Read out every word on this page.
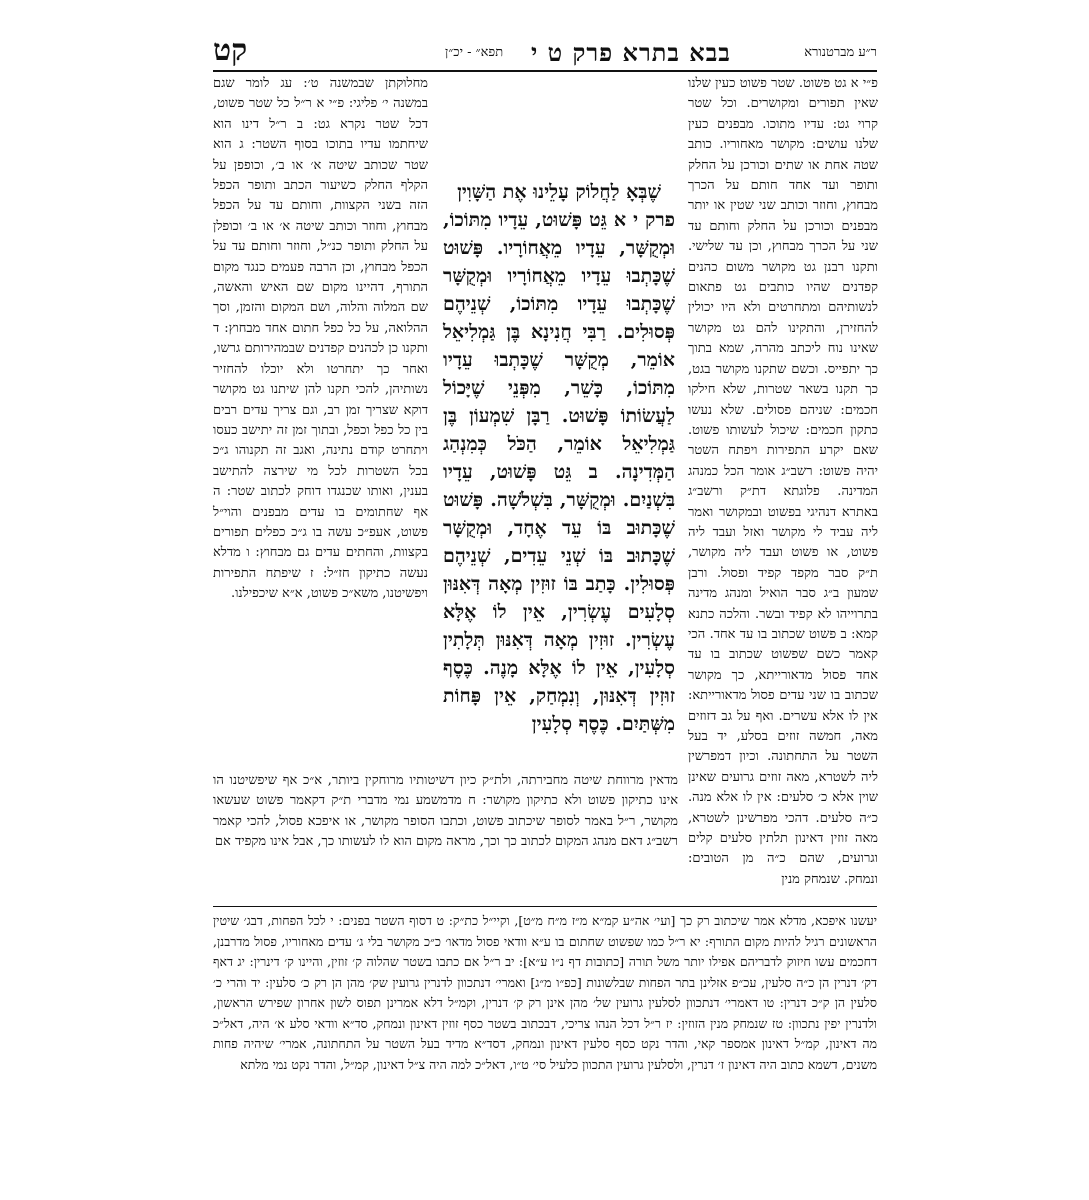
קט	תפא״ - יכ״ן בבא בתרא פרק ט י	ר״ע מברטנורא

פ״י א גט פשוט. שטר פשוט כעין שלנו שאין תפורים ומקושרים. וכל שטר קרוי גט: עדיו מתוכו. מבפנים כעין שלנו עושים: מקושר מאחוריו. כותב שטה אחת או שתים וכורכן על החלק ותופר ועד אחד חותם על הכרך מבחוץ, וחוזר וכותב שני שטין או יותר מבפנים וכורכן על החלק וחותם עד שני על הכרך מבחוץ, וכן עד שלישי. ותקנו רבנן גט מקושר משום כהנים קפדנים שהיו כותבים גט פתאום לנשותיהם ומתחרטים ולא היו יכולין להחזירן, והתקינו להם גט מקושר שאינו נוח ליכתב מהרה, שמא בתוך כך יתפייס. וכשם שתקנו מקושר בגט, כך תקנו בשאר שטרות, שלא חילקו חכמים: שניהם פסולים. שלא נעשו כתקון חכמים: שיכול לעשותו פשוט. שאם יקרע התפירות ויפתח השטר יהיה פשוט: רשב״ג אומר הכל כמנהג המדינה. פלוגתא דת״ק ורשב״ג באתרא דנהיגי בפשוט ובמקושר ואמר ליה עביד לי מקושר ואזל ועבד ליה פשוט, או פשוט ועבד ליה מקושר, ת״ק סבר מקפד קפיד ופסול. ורבן שמעון ב״ג סבר הואיל ומנהג מדינה בתרוייהו לא קפיד ובשר. והלכה כתנא קמא: ב פשוט שכתוב בו עד אחד. הכי קאמר כשם שפשוט שכתוב בו עד אחד פסול מדאורייתא, כך מקושר שכתוב בו שני עדים פסול מדאורייתא: אין לו אלא עשרים. ואף על גב דזוזים מאה, חמשה זוזים בסלע, יד בעל השטר על התחתונה. וכיון דמפרשין ליה לשטרא, מאה זוזים גרועים שאינן שוין אלא כ׳ סלעים: אין לו אלא מנה. כ״ה סלעים. דהכי מפרשינן לשטרא, מאה זוזין דאינון תלתין סלעים קלים וגרועים, שהם כ״ה מן הטובים: ונמחק. שנמחק מנין

מחלוקתן שבמשנה ט׳: עג לומר שגם במשנה י׳ פליגי: פ״י א ר״ל כל שטר פשוט, דכל שטר נקרא גט: ב ר״ל דינו הוא שיחתמו עדיו בתוכו בסוף השטר: ג הוא שטר שכותב שיטה א׳ או ב׳, וכופפן על הקלף החלק כשיעור הכתב ותופר הכפל הזה בשני הקצוות, וחותם עד על הכפל מבחוץ, וחוזר וכותב שיטה א׳ או ב׳ וכופלן על החלק ותופר כנ״ל, וחוזר וחותם עד על הכפל מבחוץ, וכן הרבה פעמים כנגד מקום התורף, דהיינו מקום שם האיש והאשה, שם המלוה והלוה, ושם המקום והזמן, וסך ההלואה, על כל כפל חתום אחד מבחוץ: ד ותקנו כן לכהנים קפדנים שבמהירותם גרשו, ואחר כך יתחרטו ולא יוכלו להחזיר נשותיהן, להכי תקנו להן שיתנו גט מקושר דוקא שצריך זמן רב, וגם צריך עדים רבים בין כל כפל וכפל, ובתוך זמן זה יתישב כעסו ויתחרט קודם נתינה, ואגב זה תקנוהו ג״כ בכל השטרות לכל מי שירצה להתישב בענין, ואותו שכנגדו דוחק לכתוב שטר: ה אף שחתומים בו עדים מבפנים והוי״ל פשוט, אעפ״כ עשה בו ג״כ כפלים תפורים בקצוות, והחתים עדים גם מבחוץ: ו מדלא נעשה כתיקון חז״ל: ז שיפתח התפירות ויפשיטנו, משא״כ פשוט, א״א שיכפילנו.

שֶׁבְּאָ לַחֲלוֹק עָלֵינוּ אֶת הַשָּׁוִין

פרק י א גֵּט פָּשׁוּט, עֵדָיו מִתּוֹכוֹ, וּמְקֻשָּׁר, עֵדָיו מֵאֲחוֹרָיו. פָּשׁוּט שֶׁכָּתְבוּ עֵדָיו מֵאֲחוֹרָיו וּמְקֻשָּׁר שֶׁכָּתְבוּ עֵדָיו מִתּוֹכוֹ, שְׁנֵיהֶם פְּסוּלִים. רַבִּי חֲנִינָא בֶּן גַּמְלִיאֵל אוֹמֵר, מְקֻשָּׁר שֶׁכָּתְבוּ עֵדָיו מִתּוֹכוֹ, כָּשֵׁר, מִפְּנֵי שֶׁיָּכוֹל לַעֲשׂוֹתוֹ פָּשׁוּט. רַבָּן שִׁמְעוֹן בֶּן גַּמְלִיאֵל אוֹמֵר, הַכֹּל כְּמִנְהַג הַמְּדִינָה. ב גֵּט פָּשׁוּט, עֵדָיו בִּשְׁנַיִם. וּמְקֻשָּׁר, בִּשְׁלֹשָׁה. פָּשׁוּט שֶׁכָּתוּב בּוֹ עֵד אֶחָד, וּמְקֻשָּׁר שֶׁכָּתוּב בּוֹ שְׁנֵי עֵדִים, שְׁנֵיהֶם פְּסוּלִין. כָּתַב בּוֹ זוּזִין מְאָה דְּאִנּוּן סְלָעִים עֶשְׂרִין, אֵין לוֹ אֶלָּא עֶשְׂרִין. זוּזִין מְאָה דְּאִנּוּן תְּלָתִין סְלָעִין, אֵין לוֹ אֶלָּא מָנֶה. כֶּסֶף זוּזִין דְּאִנּוּן, וְנִמְחַק, אֵין פָּחוֹת מִשְּׁתַּיִם. כֶּסֶף סְלָעִין

מדאין מרווחת שיטה מחבירתה, ולת״ק כיון דשיטותיו מרוחקין ביותר, א״כ אף שיפשיטנו הו אינו כתיקון פשוט ולא כתיקון מקושר: ח מדמשמע נמי מדברי ת״ק דקאמר פשוט שעשאו מקושר, ר״ל באמר לסופר שיכתוב פשוט, וכתבו הסופר מקושר, או איפכא פסול, להכי קאמר רשב״ג דאם מנהג המקום לכתוב כך וכך, מראה מקום הוא לו לעשותו כך, אבל אינו מקפיד אם

יעשנו איפכא, מדלא אמר שיכתוב רק כך [ועי׳ אה״ע קמ״א מ״ז מ״ח מ״ט], וקיי״ל כת״ק: ט דסוף השטר בפנים: י לכל הפחות, דבג׳ שיטין הראשונים רגיל להיות מקום התורף: יא ר״ל כמו שפשוט שחתום בו ע״א וודאי פסול מדאו׳ כ״כ מקושר בלי ג׳ עדים מאחוריו, פסול מדרבנן, דחכמים עשו חיזוק לדבריהם אפילו יותר משל תורה [כתובות דף נ״ו ע״א]: יב ר״ל אם כתבו בשטר שהלוה ק׳ זוזין, והיינו ק׳ דינרין: יג דאף דק׳ דנרין הן כ״ה סלעין, עכ״פ אזלינן בתר הפחות שבלשונות [כפ״ו מ״ג] ואמרי׳ דנתכוון לדנרין גרועין שק׳ מהן הן רק כ׳ סלעין: יד והרי כ׳ סלעין הן ק״כ דנרין: טו דאמרי׳ דנתכוון לסלעין גרועין של׳ מהן אינן רק ק׳ דנרין, וקמ״ל דלא אמרינן תפוס לשון אחרון שפירש הראשון, ולדנרין יפין נתכוון: טז שנמחק מנין הזוזין: יז ר״ל דכל הנהו צריכי, דבכתוב בשטר כסף זוזין דאינון ונמחק, סד״א וודאי סלע א׳ היה, דאל״כ מה דאינון, קמ״ל דאינון אמספר קאי, והדר נקט כסף סלעין דאינון ונמחק, דסד״א מדיד בעל השטר על התחתונה, אמרי׳ שיהיה פחות משנים, דשמא כתוב היה דאינון ז׳ דנרין, ולסלעין גרועין התכוון כלעיל סי׳ ט״ו, דאל״כ למה היה צ״ל דאינון, קמ״ל, והדר נקט נמי מלתא
